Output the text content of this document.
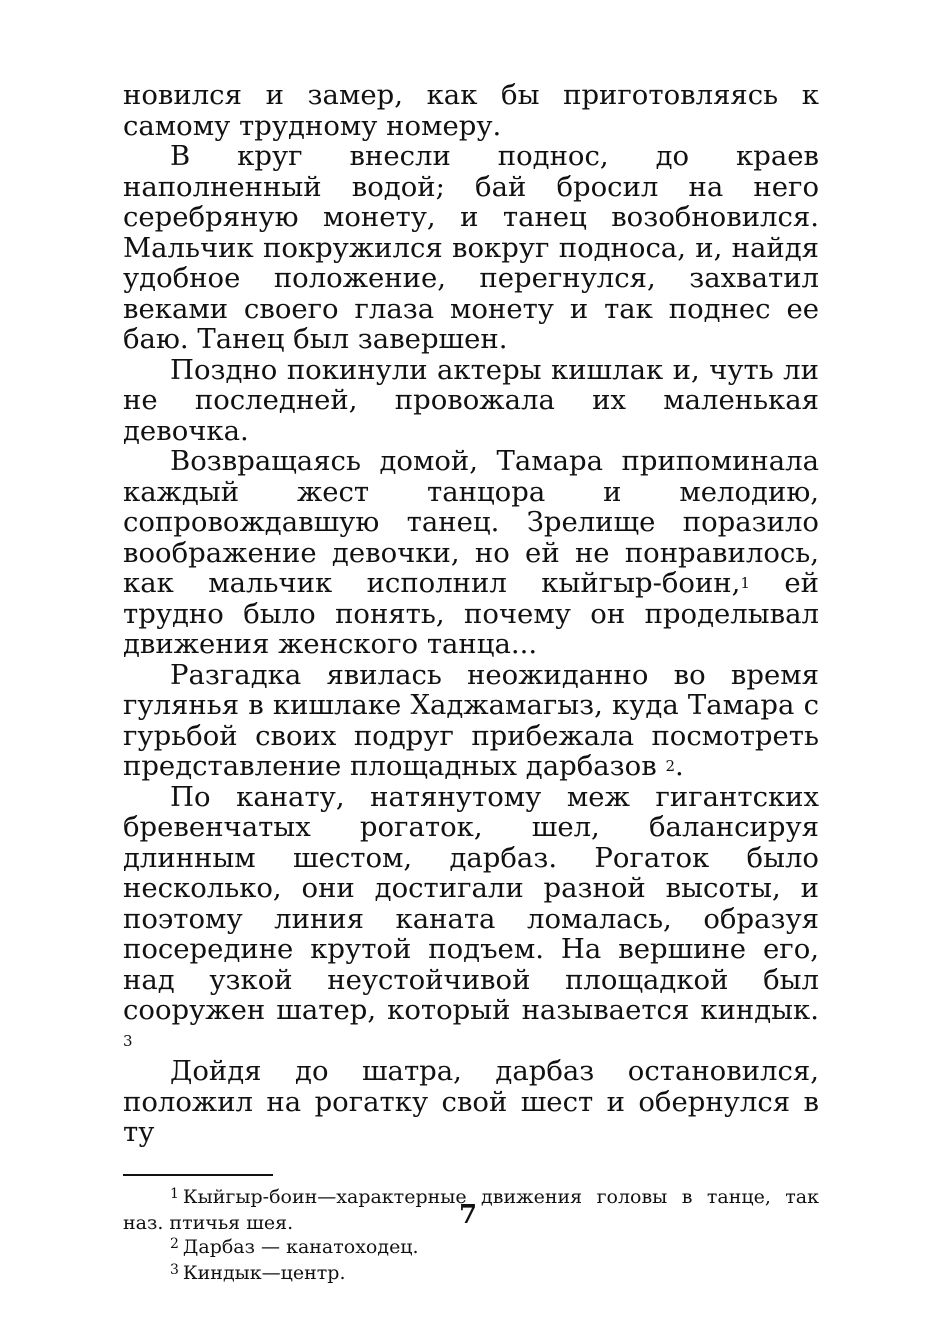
новился и замер, как бы приготовляясь к самому трудному номеру.

В круг внесли поднос, до краев наполненный водой; бай бросил на него серебряную монету, и танец возобновился. Мальчик покружился вокруг подноса, и, найдя удобное положение, перегнулся, захватил веками своего глаза монету и так поднес ее баю. Танец был завершен.

Поздно покинули актеры кишлак и, чуть ли не последней, провожала их маленькая девочка.

Возвращаясь домой, Тамара припоминала каждый жест танцора и мелодию, сопровождавшую танец. Зрелище поразило воображение девочки, но ей не понравилось, как мальчик исполнил кыйгыр-боин,$^1$ ей трудно было понять, почему он проделывал движения женского танца...

Разгадка явилась неожиданно во время гулянья в кишлаке Хаджамагыз, куда Тамара с гурьбой своих подруг прибежала посмотреть представление площадных дарбазов $^2$.

По канату, натянутому меж гигантских бревенчатых рогаток, шел, балансируя длинным шестом, дарбаз. Рогаток было несколько, они достигали разной высоты, и поэтому линия каната ломалась, образуя посередине крутой подъем. На вершине его, над узкой неустойчивой площадкой был сооружен шатер, который называется киндык. $^3$

Дойдя до шатра, дарбаз остановился, положил на рогатку свой шест и обернулся в ту

$^1$ Кыйгыр-боин—характерные движения головы в танце, так наз. птичья шея.

$^2$ Дарбаз — канатоходец.

$^3$ Киндык—центр.

7
